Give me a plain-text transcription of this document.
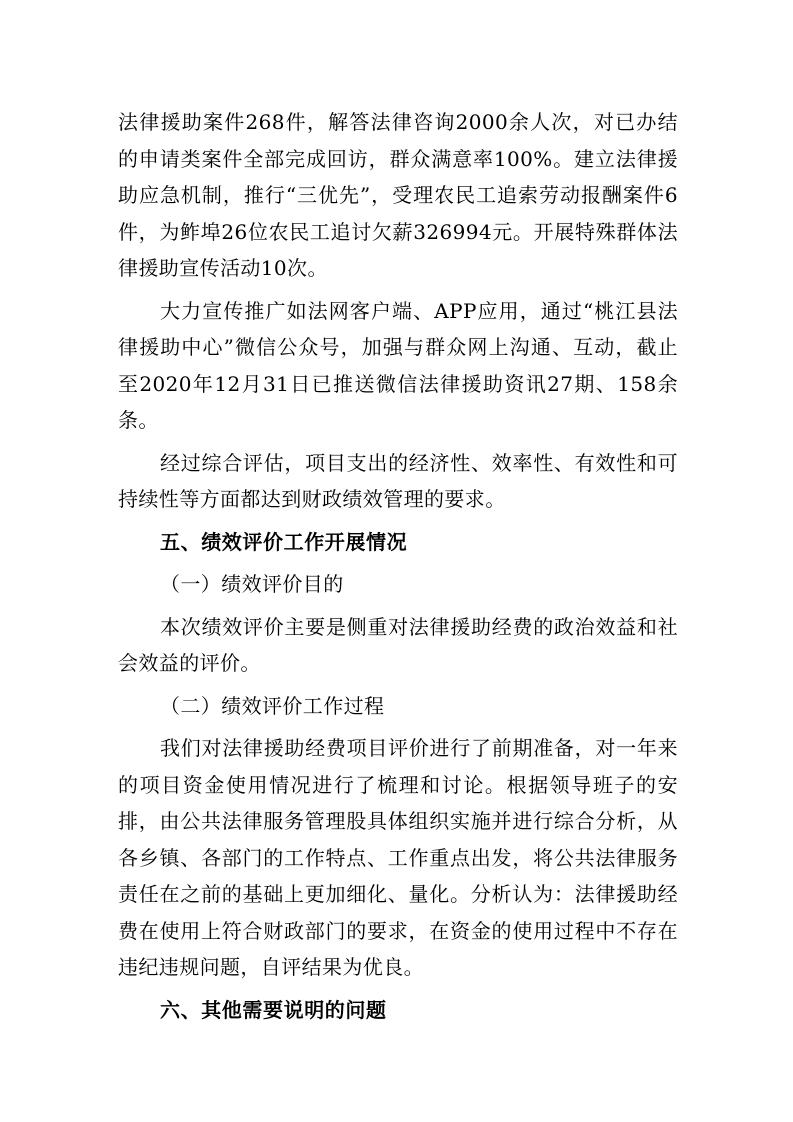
法律援助案件268件，解答法律咨询2000余人次，对已办结的申请类案件全部完成回访，群众满意率100%。建立法律援助应急机制，推行“三优先”，受理农民工追索劳动报酬案件6件，为鲊埠26位农民工追讨欠薪326994元。开展特殊群体法律援助宣传活动10次。

大力宣传推广如法网客户端、APP应用，通过“桃江县法律援助中心”微信公众号，加强与群众网上沟通、互动，截止至2020年12月31日已推送微信法律援助资讯27期、158余条。

经过综合评估，项目支出的经济性、效率性、有效性和可持续性等方面都达到财政绩效管理的要求。

五、绩效评价工作开展情况

（一）绩效评价目的

本次绩效评价主要是侧重对法律援助经费的政治效益和社会效益的评价。

（二）绩效评价工作过程

我们对法律援助经费项目评价进行了前期准备，对一年来的项目资金使用情况进行了梳理和讨论。根据领导班子的安排，由公共法律服务管理股具体组织实施并进行综合分析，从各乡镇、各部门的工作特点、工作重点出发，将公共法律服务责任在之前的基础上更加细化、量化。分析认为：法律援助经费在使用上符合财政部门的要求，在资金的使用过程中不存在违纪违规问题，自评结果为优良。

六、其他需要说明的问题
